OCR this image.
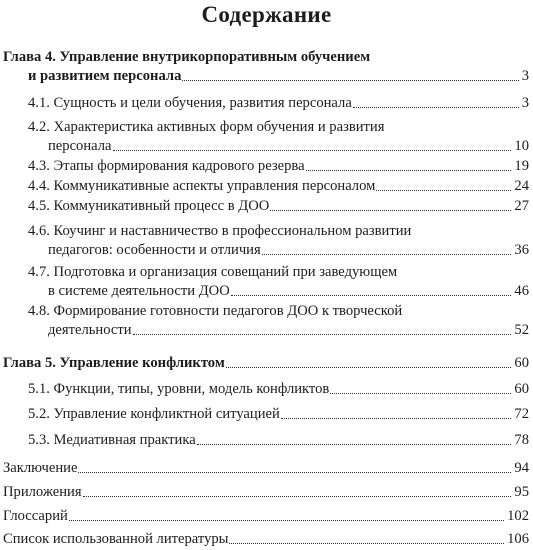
Содержание
Глава 4. Управление внутрикорпоративным обучением
и развитием персонала	3
4.1. Сущность и цели обучения, развития персонала	3
4.2. Характеристика активных форм обучения и развития
персонала	10
4.3. Этапы формирования кадрового резерва	19
4.4. Коммуникативные аспекты управления персоналом	24
4.5. Коммуникативный процесс в ДОО	27
4.6. Коучинг и наставничество в профессиональном развитии
педагогов: особенности и отличия	36
4.7. Подготовка и организация совещаний при заведующем
в системе деятельности ДОО	46
4.8. Формирование готовности педагогов ДОО к творческой
деятельности	52
Глава 5. Управление конфликтом	60
5.1. Функции, типы, уровни, модель конфликтов	60
5.2. Управление конфликтной ситуацией	72
5.3. Медиативная практика	78
Заключение	94
Приложения	95
Глоссарий	102
Список использованной литературы	106
